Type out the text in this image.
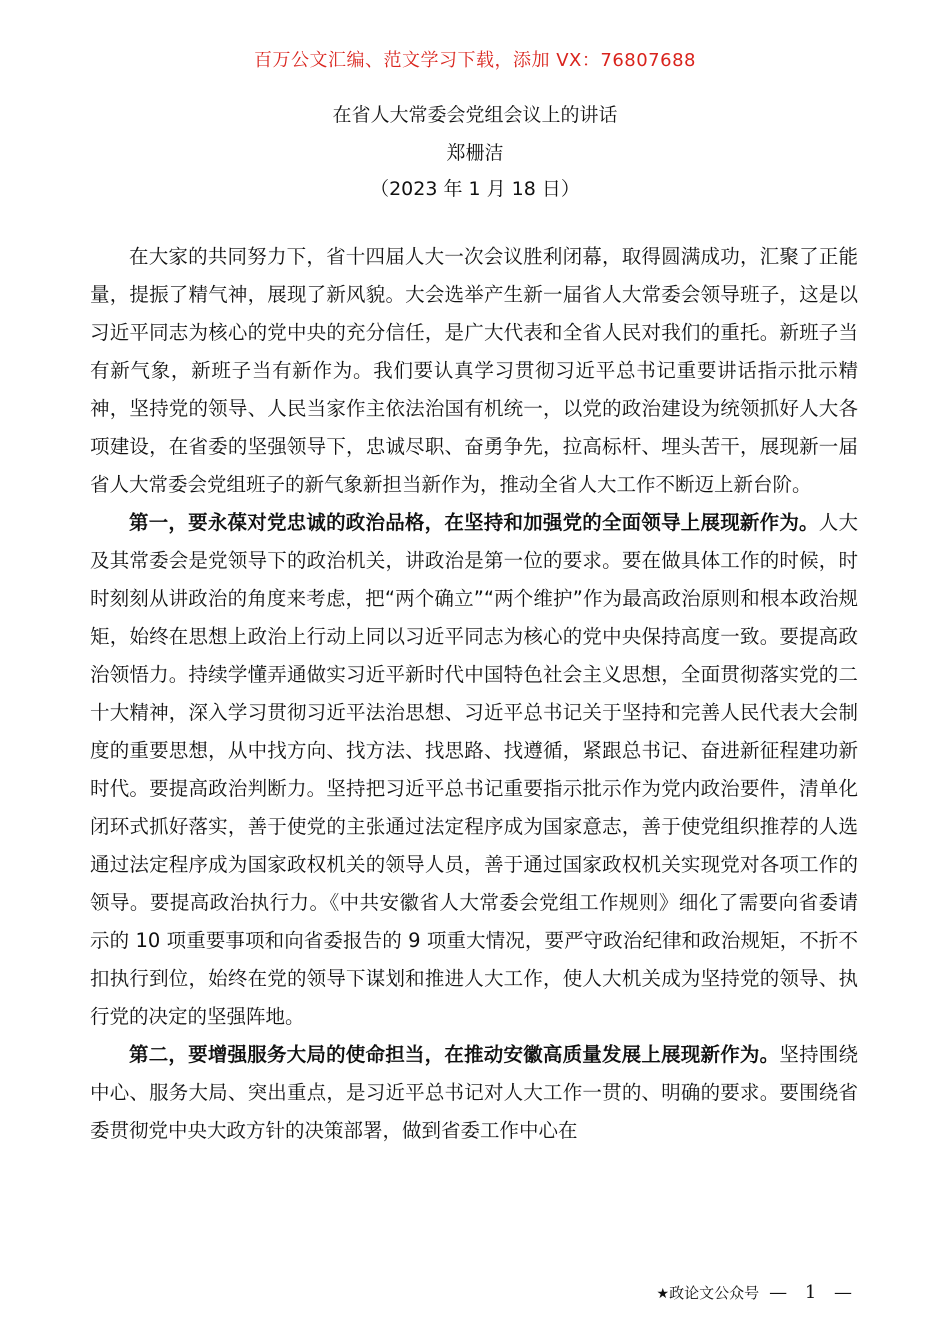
百万公文汇编、范文学习下载，添加 VX：76807688
在省人大常委会党组会议上的讲话
郑栅洁
（2023 年 1 月 18 日）

在大家的共同努力下，省十四届人大一次会议胜利闭幕，取得圆满成功，汇聚了正能量，提振了精气神，展现了新风貌。大会选举产生新一届省人大常委会领导班子，这是以习近平同志为核心的党中央的充分信任，是广大代表和全省人民对我们的重托。新班子当有新气象，新班子当有新作为。我们要认真学习贯彻习近平总书记重要讲话指示批示精神，坚持党的领导、人民当家作主依法治国有机统一，以党的政治建设为统领抓好人大各项建设，在省委的坚强领导下，忠诚尽职、奋勇争先，拉高标杆、埋头苦干，展现新一届省人大常委会党组班子的新气象新担当新作为，推动全省人大工作不断迈上新台阶。

第一，要永葆对党忠诚的政治品格，在坚持和加强党的全面领导上展现新作为。人大及其常委会是党领导下的政治机关，讲政治是第一位的要求。要在做具体工作的时候，时时刻刻从讲政治的角度来考虑，把“两个确立”“两个维护”作为最高政治原则和根本政治规矩，始终在思想上政治上行动上同以习近平同志为核心的党中央保持高度一致。要提高政治领悟力。持续学懂弄通做实习近平新时代中国特色社会主义思想，全面贯彻落实党的二十大精神，深入学习贯彻习近平法治思想、习近平总书记关于坚持和完善人民代表大会制度的重要思想，从中找方向、找方法、找思路、找遵循，紧跟总书记、奋进新征程建功新时代。要提高政治判断力。坚持把习近平总书记重要指示批示作为党内政治要件，清单化闭环式抓好落实，善于使党的主张通过法定程序成为国家意志，善于使党组织推荐的人选通过法定程序成为国家政权机关的领导人员，善于通过国家政权机关实现党对各项工作的领导。要提高政治执行力。《中共安徽省人大常委会党组工作规则》细化了需要向省委请示的 10 项重要事项和向省委报告的 9 项重大情况，要严守政治纪律和政治规矩，不折不扣执行到位，始终在党的领导下谋划和推进人大工作，使人大机关成为坚持党的领导、执行党的决定的坚强阵地。

第二，要增强服务大局的使命担当，在推动安徽高质量发展上展现新作为。坚持围绕中心、服务大局、突出重点，是习近平总书记对人大工作一贯的、明确的要求。要围绕省委贯彻党中央大政方针的决策部署，做到省委工作中心在

★政论文公众号 — 1 —
